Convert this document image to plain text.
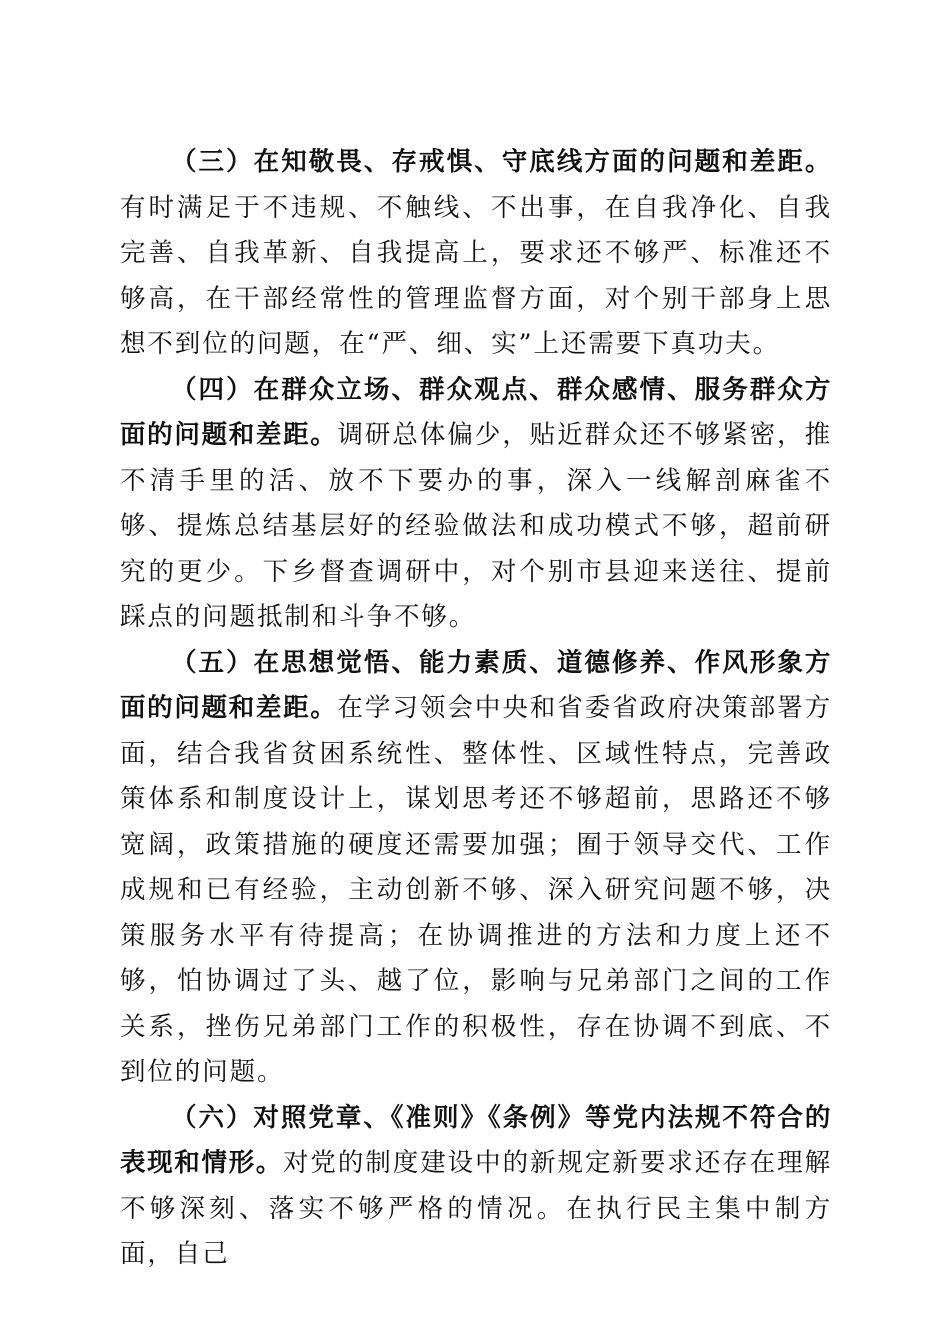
（三）在知敬畏、存戒惧、守底线方面的问题和差距。有时满足于不违规、不触线、不出事，在自我净化、自我完善、自我革新、自我提高上，要求还不够严、标准还不够高，在干部经常性的管理监督方面，对个别干部身上思想不到位的问题，在“严、细、实”上还需要下真功夫。

（四）在群众立场、群众观点、群众感情、服务群众方面的问题和差距。调研总体偏少，贴近群众还不够紧密，推不清手里的活、放不下要办的事，深入一线解剖麻雀不够、提炼总结基层好的经验做法和成功模式不够，超前研究的更少。下乡督查调研中，对个别市县迎来送往、提前踩点的问题抵制和斗争不够。

（五）在思想觉悟、能力素质、道德修养、作风形象方面的问题和差距。在学习领会中央和省委省政府决策部署方面，结合我省贫困系统性、整体性、区域性特点，完善政策体系和制度设计上，谋划思考还不够超前，思路还不够宽阔，政策措施的硬度还需要加强；囿于领导交代、工作成规和已有经验，主动创新不够、深入研究问题不够，决策服务水平有待提高；在协调推进的方法和力度上还不够，怕协调过了头、越了位，影响与兄弟部门之间的工作关系，挫伤兄弟部门工作的积极性，存在协调不到底、不到位的问题。

（六）对照党章、《准则》《条例》等党内法规不符合的表现和情形。对党的制度建设中的新规定新要求还存在理解不够深刻、落实不够严格的情况。在执行民主集中制方面，自己
